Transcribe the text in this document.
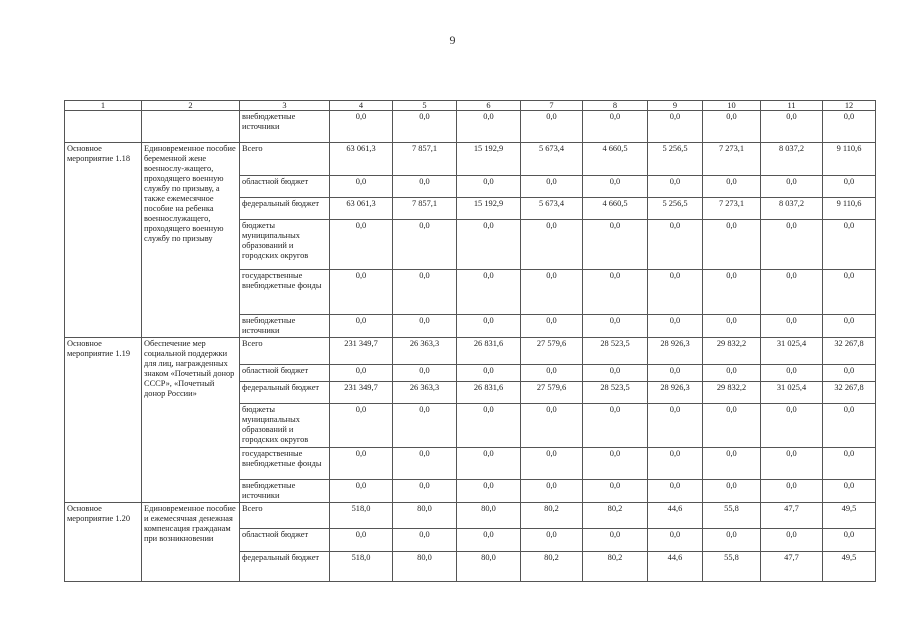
9
1	2	3	4	5	6	7	8	9	10	11	12
		внебюджетные источники	0,0	0,0	0,0	0,0	0,0	0,0	0,0	0,0	0,0
Основное мероприятие 1.18	Единовременное пособие беременной жене военнослу-жащего, проходящего военную службу по призыву, а также ежемесячное пособие на ребенка военнослужащего, проходящего военную службу по призыву	Всего	63 061,3	7 857,1	15 192,9	5 673,4	4 660,5	5 256,5	7 273,1	8 037,2	9 110,6
		областной бюджет	0,0	0,0	0,0	0,0	0,0	0,0	0,0	0,0	0,0
		федеральный бюджет	63 061,3	7 857,1	15 192,9	5 673,4	4 660,5	5 256,5	7 273,1	8 037,2	9 110,6
		бюджеты муниципальных образований и городских округов	0,0	0,0	0,0	0,0	0,0	0,0	0,0	0,0	0,0
		государственные внебюджетные фонды	0,0	0,0	0,0	0,0	0,0	0,0	0,0	0,0	0,0
		внебюджетные источники	0,0	0,0	0,0	0,0	0,0	0,0	0,0	0,0	0,0
Основное мероприятие 1.19	Обеспечение мер социальной поддержки для лиц, награжденных знаком «Почетный донор СССР», «Почетный донор России»	Всего	231 349,7	26 363,3	26 831,6	27 579,6	28 523,5	28 926,3	29 832,2	31 025,4	32 267,8
		областной бюджет	0,0	0,0	0,0	0,0	0,0	0,0	0,0	0,0	0,0
		федеральный бюджет	231 349,7	26 363,3	26 831,6	27 579,6	28 523,5	28 926,3	29 832,2	31 025,4	32 267,8
		бюджеты муниципальных образований и городских округов	0,0	0,0	0,0	0,0	0,0	0,0	0,0	0,0	0,0
		государственные внебюджетные фонды	0,0	0,0	0,0	0,0	0,0	0,0	0,0	0,0	0,0
		внебюджетные источники	0,0	0,0	0,0	0,0	0,0	0,0	0,0	0,0	0,0
Основное мероприятие 1.20	Единовременное пособие и ежемесячная денежная компенсация гражданам при возникновении	Всего	518,0	80,0	80,0	80,2	80,2	44,6	55,8	47,7	49,5
		областной бюджет	0,0	0,0	0,0	0,0	0,0	0,0	0,0	0,0	0,0
		федеральный бюджет	518,0	80,0	80,0	80,2	80,2	44,6	55,8	47,7	49,5
